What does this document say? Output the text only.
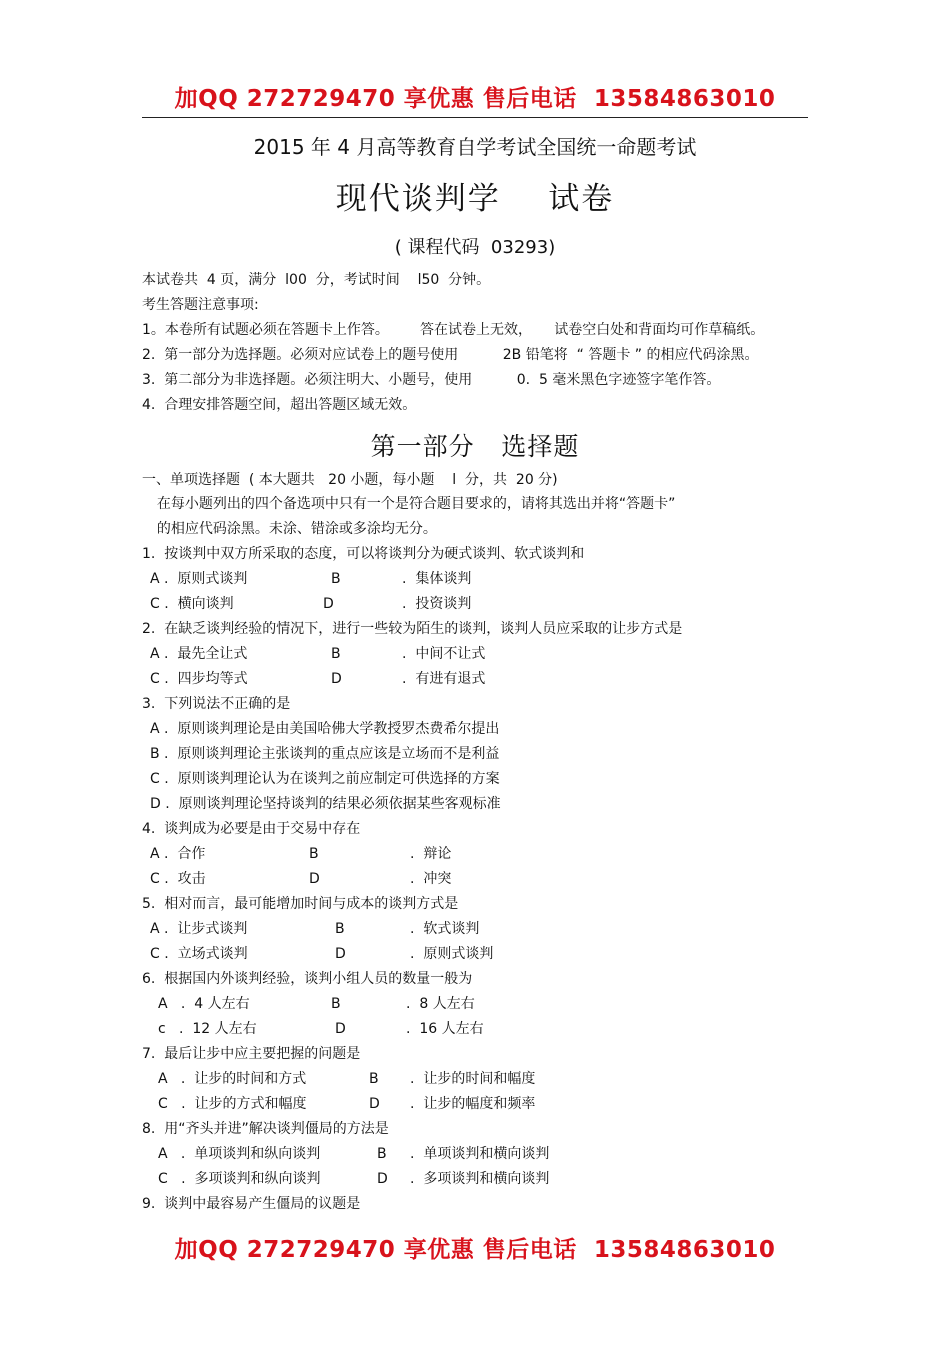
加QQ 272729470 享优惠 售后电话  13584863010
2015 年 4 月高等教育自学考试全国统一命题考试
现代谈判学    试卷
( 课程代码  03293)
本试卷共  4 页，满分  l00  分，考试时间    l50  分钟。
考生答题注意事项:
1。本卷所有试题必须在答题卡上作答。       答在试卷上无效，     试卷空白处和背面均可作草稿纸。
2.  第一部分为选择题。必须对应试卷上的题号使用          2B 铅笔将  “ 答题卡 ” 的相应代码涂黑。
3.  第二部分为非选择题。必须注明大、小题号，使用          0.  5 毫米黑色字迹签字笔作答。
4.  合理安排答题空间，超出答题区域无效。
第一部分   选择题
一、单项选择题  ( 本大题共   20 小题，每小题    l  分，共  20 分)
在每小题列出的四个备选项中只有一个是符合题目要求的，请将其选出并将“答题卡”
的相应代码涂黑。未涂、错涂或多涂均无分。
1.  按谈判中双方所采取的态度，可以将谈判分为硬式谈判、软式谈判和
A .  原则式谈判	B	.  集体谈判
C .  横向谈判	D	.  投资谈判
2.  在缺乏谈判经验的情况下，进行一些较为陌生的谈判，谈判人员应采取的让步方式是
A .  最先全让式	B	.  中间不让式
C .  四步均等式	D	.  有进有退式
3.  下列说法不正确的是
A .  原则谈判理论是由美国哈佛大学教授罗杰费希尔提出
B .  原则谈判理论主张谈判的重点应该是立场而不是利益
C .  原则谈判理论认为在谈判之前应制定可供选择的方案
D .  原则谈判理论坚持谈判的结果必须依据某些客观标准
4.  谈判成为必要是由于交易中存在
A .  合作	B	.  辩论
C .  攻击	D	.  冲突
5.  相对而言，最可能增加时间与成本的谈判方式是
A .  让步式谈判	B	.  软式谈判
C .  立场式谈判	D	.  原则式谈判
6.  根据国内外谈判经验，谈判小组人员的数量一般为
A   .  4 人左右	B	.  8 人左右
c   .  12 人左右	D	.  16 人左右
7.  最后让步中应主要把握的问题是
A   .  让步的时间和方式	B .  让步的时间和幅度
C   .  让步的方式和幅度	D .  让步的幅度和频率
8.  用“齐头并进”解决谈判僵局的方法是
A   .  单项谈判和纵向谈判	B .  单项谈判和横向谈判
C   .  多项谈判和纵向谈判	D .  多项谈判和横向谈判
9.  谈判中最容易产生僵局的议题是
加QQ 272729470 享优惠 售后电话  13584863010
